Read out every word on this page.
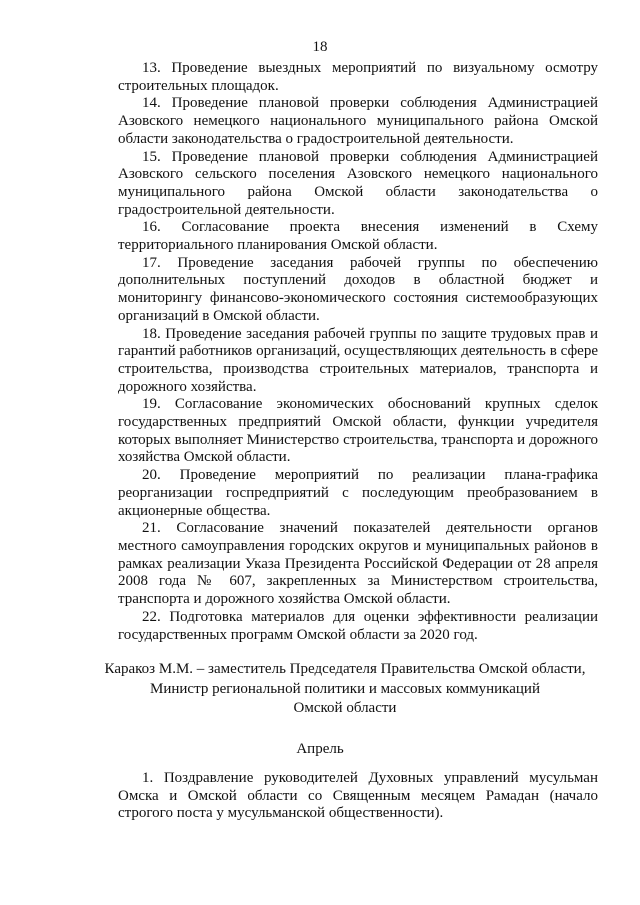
18

13. Проведение выездных мероприятий по визуальному осмотру строительных площадок.

14. Проведение плановой проверки соблюдения Администрацией Азовского немецкого национального муниципального района Омской области законодательства о градостроительной деятельности.

15. Проведение плановой проверки соблюдения Администрацией Азовского сельского поселения Азовского немецкого национального муниципального района Омской области законодательства о градостроительной деятельности.

16. Согласование проекта внесения изменений в Схему территориального планирования Омской области.

17. Проведение заседания рабочей группы по обеспечению дополнительных поступлений доходов в областной бюджет и мониторингу финансово-экономического состояния системообразующих организаций в Омской области.

18. Проведение заседания рабочей группы по защите трудовых прав и гарантий работников организаций, осуществляющих деятельность в сфере строительства, производства строительных материалов, транспорта и дорожного хозяйства.

19. Согласование экономических обоснований крупных сделок государственных предприятий Омской области, функции учредителя которых выполняет Министерство строительства, транспорта и дорожного хозяйства Омской области.

20. Проведение мероприятий по реализации плана-графика реорганизации госпредприятий с последующим преобразованием в акционерные общества.

21. Согласование значений показателей деятельности органов местного самоуправления городских округов и муниципальных районов в рамках реализации Указа Президента Российской Федерации от 28 апреля 2008 года № 607, закрепленных за Министерством строительства, транспорта и дорожного хозяйства Омской области.

22. Подготовка материалов для оценки эффективности реализации государственных программ Омской области за 2020 год.

Каракоз М.М. – заместитель Председателя Правительства Омской области,
Министр региональной политики и массовых коммуникаций
Омской области
Апрель

1. Поздравление руководителей Духовных управлений мусульман Омска и Омской области со Священным месяцем Рамадан (начало строгого поста у мусульманской общественности).
